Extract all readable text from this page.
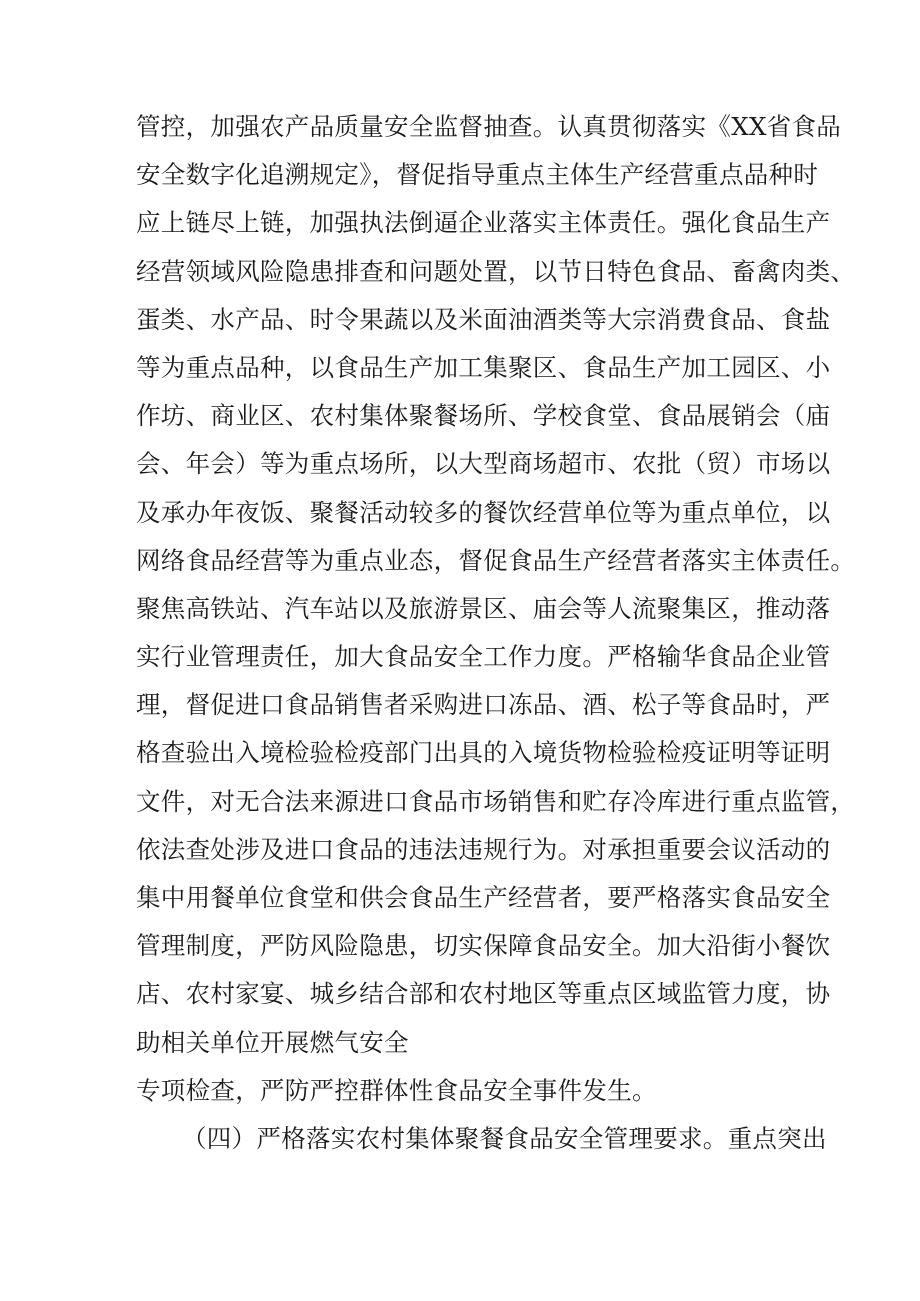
管控，加强农产品质量安全监督抽查。认真贯彻落实《XX省食品
安全数字化追溯规定》，督促指导重点主体生产经营重点品种时
应上链尽上链，加强执法倒逼企业落实主体责任。强化食品生产
经营领域风险隐患排查和问题处置，以节日特色食品、畜禽肉类、
蛋类、水产品、时令果蔬以及米面油酒类等大宗消费食品、食盐
等为重点品种，以食品生产加工集聚区、食品生产加工园区、小
作坊、商业区、农村集体聚餐场所、学校食堂、食品展销会（庙
会、年会）等为重点场所，以大型商场超市、农批（贸）市场以
及承办年夜饭、聚餐活动较多的餐饮经营单位等为重点单位，以
网络食品经营等为重点业态，督促食品生产经营者落实主体责任。
聚焦高铁站、汽车站以及旅游景区、庙会等人流聚集区，推动落
实行业管理责任，加大食品安全工作力度。严格输华食品企业管
理，督促进口食品销售者采购进口冻品、酒、松子等食品时，严
格查验出入境检验检疫部门出具的入境货物检验检疫证明等证明
文件，对无合法来源进口食品市场销售和贮存冷库进行重点监管，
依法查处涉及进口食品的违法违规行为。对承担重要会议活动的
集中用餐单位食堂和供会食品生产经营者，要严格落实食品安全
管理制度，严防风险隐患，切实保障食品安全。加大沿街小餐饮
店、农村家宴、城乡结合部和农村地区等重点区域监管力度，协
助相关单位开展燃气安全
专项检查，严防严控群体性食品安全事件发生。
（四）严格落实农村集体聚餐食品安全管理要求。重点突出
